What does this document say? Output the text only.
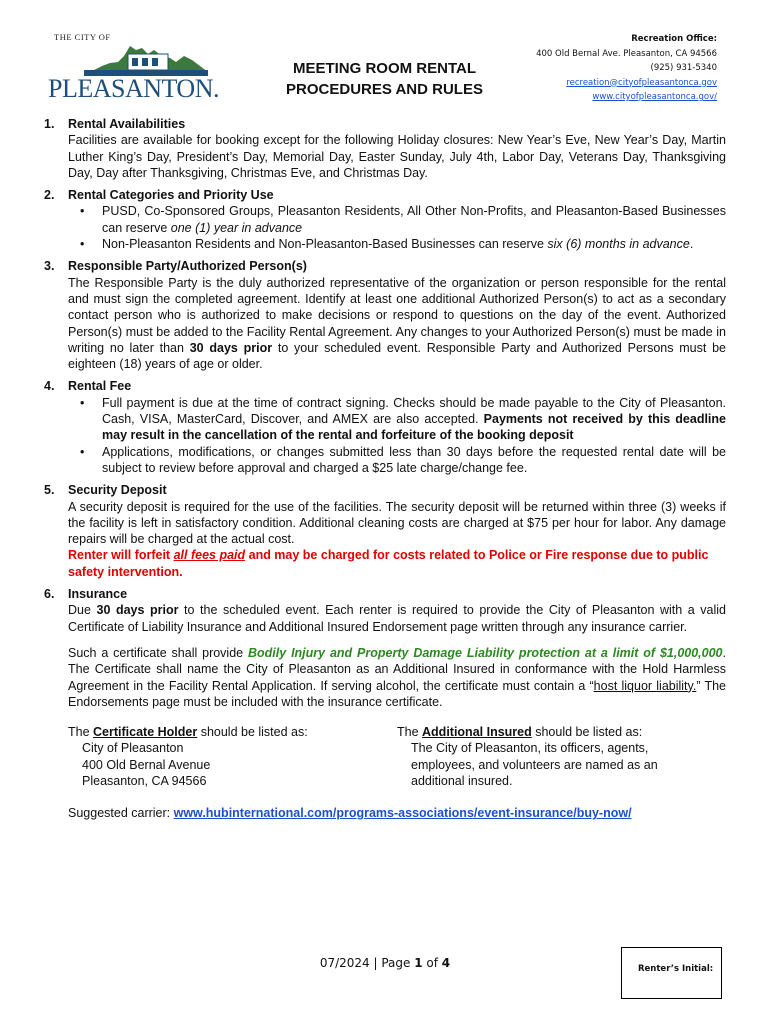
THE CITY OF
PLEASANTON.
MEETING ROOM RENTAL
PROCEDURES AND RULES
Recreation Office:
400 Old Bernal Ave. Pleasanton, CA 94566
(925) 931-5340
recreation@cityofpleasantonca.gov
www.cityofpleasantonca.gov/
1. Rental Availabilities
Facilities are available for booking except for the following Holiday closures: New Year’s Eve, New Year’s Day, Martin Luther King’s Day, President’s Day, Memorial Day, Easter Sunday, July 4th, Labor Day, Veterans Day, Thanksgiving Day, Day after Thanksgiving, Christmas Eve, and Christmas Day.
2. Rental Categories and Priority Use
• PUSD, Co-Sponsored Groups, Pleasanton Residents, All Other Non-Profits, and Pleasanton-Based Businesses can reserve one (1) year in advance
• Non-Pleasanton Residents and Non-Pleasanton-Based Businesses can reserve six (6) months in advance.
3. Responsible Party/Authorized Person(s)
The Responsible Party is the duly authorized representative of the organization or person responsible for the rental and must sign the completed agreement. Identify at least one additional Authorized Person(s) to act as a secondary contact person who is authorized to make decisions or respond to questions on the day of the event. Authorized Person(s) must be added to the Facility Rental Agreement. Any changes to your Authorized Person(s) must be made in writing no later than 30 days prior to your scheduled event. Responsible Party and Authorized Persons must be eighteen (18) years of age or older.
4. Rental Fee
• Full payment is due at the time of contract signing. Checks should be made payable to the City of Pleasanton. Cash, VISA, MasterCard, Discover, and AMEX are also accepted. Payments not received by this deadline may result in the cancellation of the rental and forfeiture of the booking deposit
• Applications, modifications, or changes submitted less than 30 days before the requested rental date will be subject to review before approval and charged a $25 late charge/change fee.
5. Security Deposit
A security deposit is required for the use of the facilities. The security deposit will be returned within three (3) weeks if the facility is left in satisfactory condition. Additional cleaning costs are charged at $75 per hour for labor. Any damage repairs will be charged at the actual cost.
Renter will forfeit all fees paid and may be charged for costs related to Police or Fire response due to public safety intervention.
6. Insurance
Due 30 days prior to the scheduled event. Each renter is required to provide the City of Pleasanton with a valid Certificate of Liability Insurance and Additional Insured Endorsement page written through any insurance carrier.
Such a certificate shall provide Bodily Injury and Property Damage Liability protection at a limit of $1,000,000. The Certificate shall name the City of Pleasanton as an Additional Insured in conformance with the Hold Harmless Agreement in the Facility Rental Application. If serving alcohol, the certificate must contain a “host liquor liability.” The Endorsements page must be included with the insurance certificate.
The Certificate Holder should be listed as:
City of Pleasanton
400 Old Bernal Avenue
Pleasanton, CA 94566
The Additional Insured should be listed as:
The City of Pleasanton, its officers, agents,
employees, and volunteers are named as an
additional insured.
Suggested carrier: www.hubinternational.com/programs-associations/event-insurance/buy-now/
07/2024 | Page 1 of 4	Renter’s Initial:
